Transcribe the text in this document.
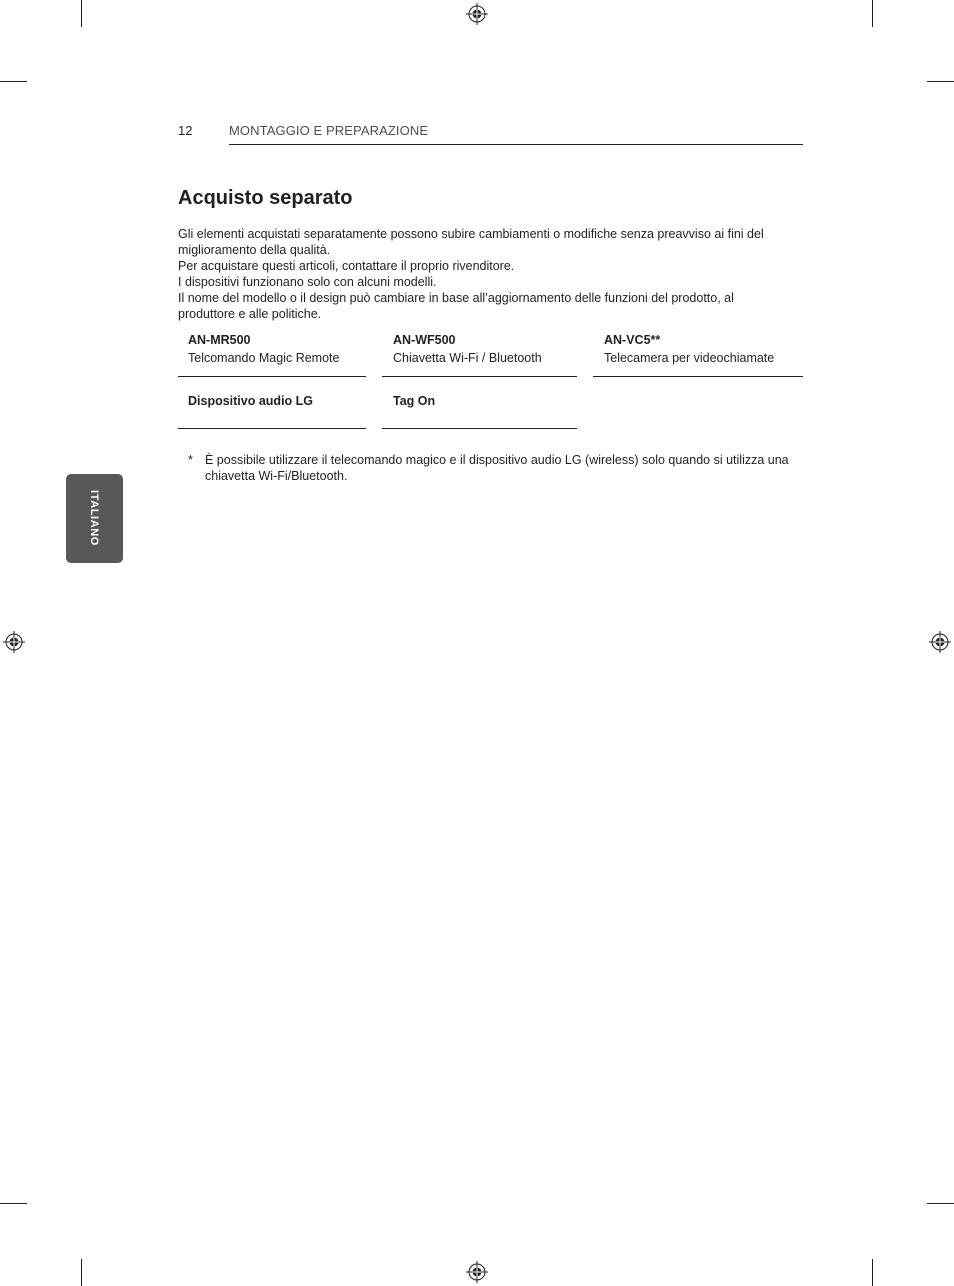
12	MONTAGGIO E PREPARAZIONE
Acquisto separato

Gli elementi acquistati separatamente possono subire cambiamenti o modifiche senza preavviso ai fini del miglioramento della qualità.

Per acquistare questi articoli, contattare il proprio rivenditore.

I dispositivi funzionano solo con alcuni modelli.

Il nome del modello o il design può cambiare in base all’aggiornamento delle funzioni del prodotto, al produttore e alle politiche.

AN-MR500
Telcomando Magic Remote
AN-WF500
Chiavetta Wi-Fi / Bluetooth
AN-VC5**
Telecamera per videochiamate
Dispositivo audio LG	Tag On
* È possibile utilizzare il telecomando magico e il dispositivo audio LG (wireless) solo quando si utilizza una chiavetta Wi-Fi/Bluetooth.
ITALIANO
